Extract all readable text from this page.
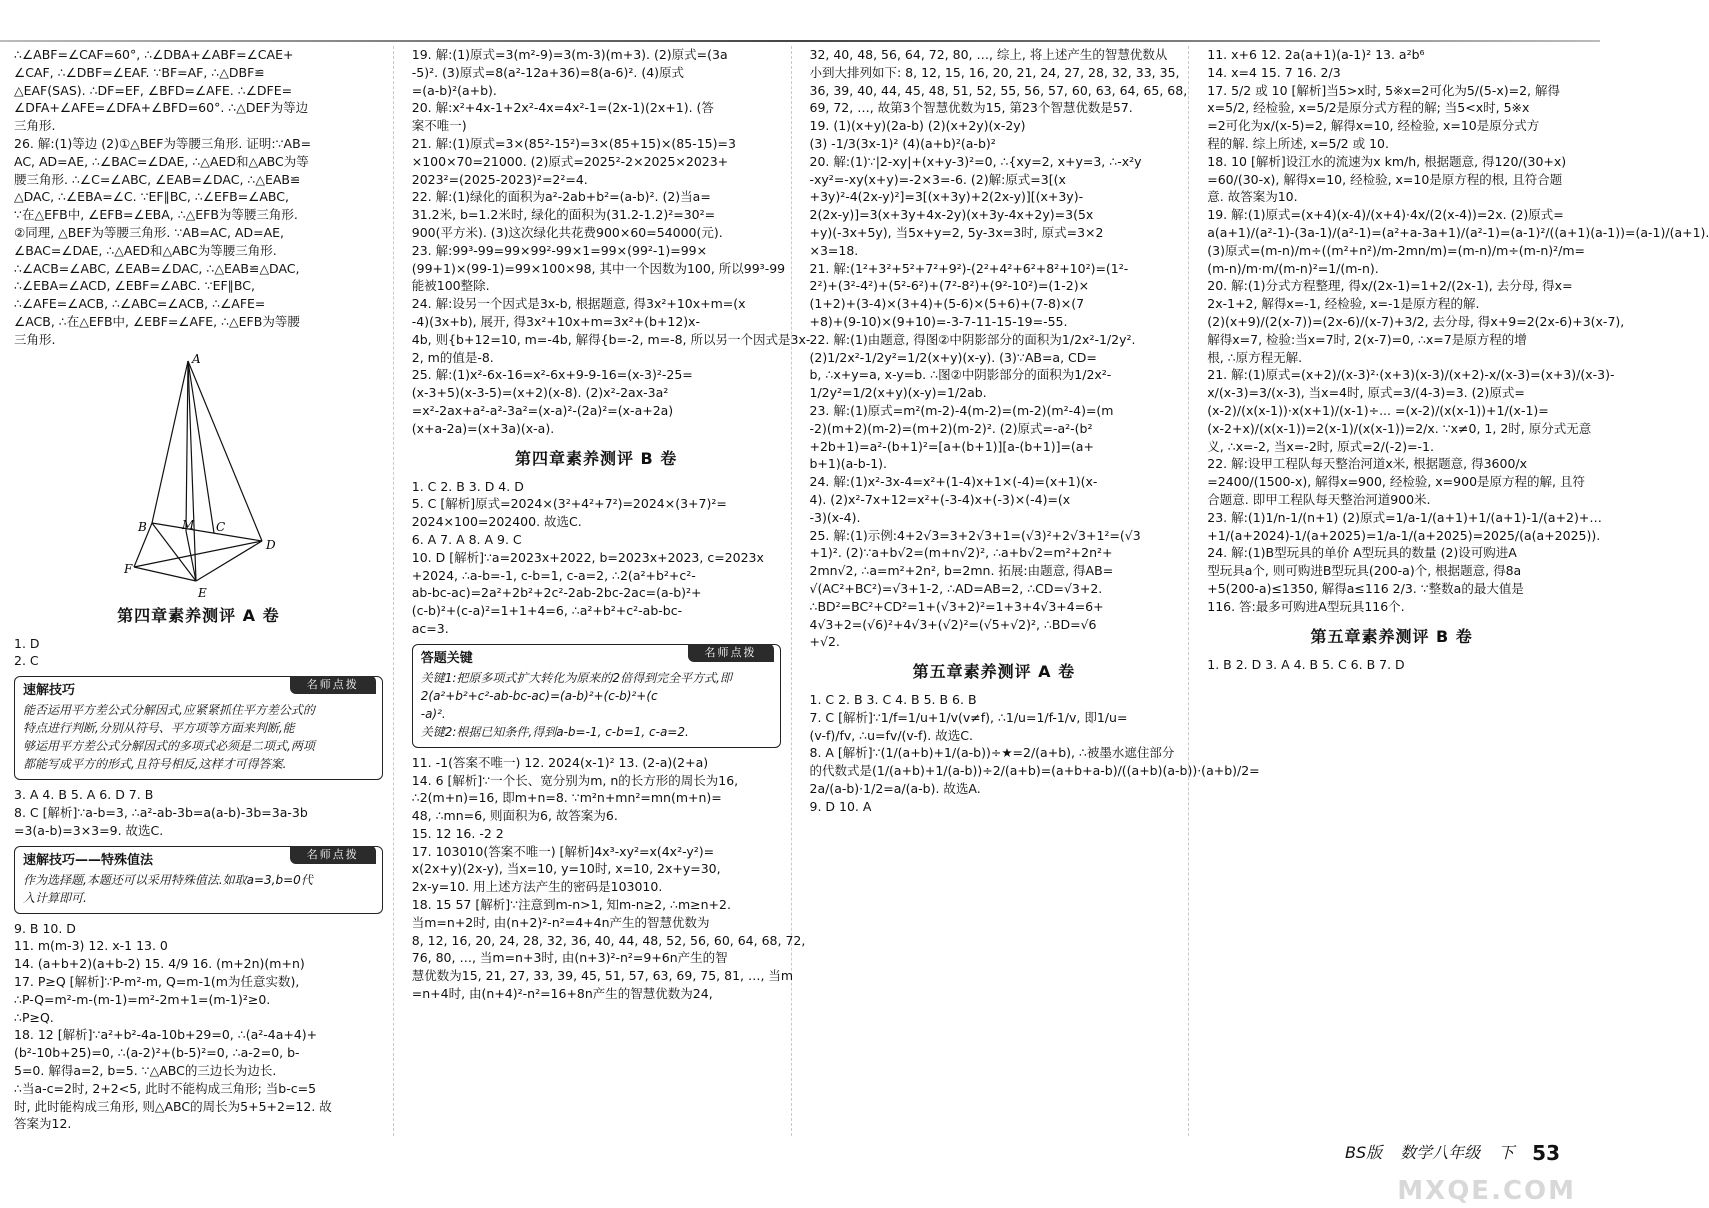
∴∠ABF=∠CAF=60°, ∴∠DBA+∠ABF=∠CAE+
∠CAF, ∴∠DBF=∠EAF. ∵BF=AF, ∴△DBF≌
△EAF(SAS). ∴DF=EF, ∠BFD=∠AFE. ∴∠DFE=
∠DFA+∠AFE=∠DFA+∠BFD=60°. ∴△DEF为等边
三角形.
26. 解:(1)等边 (2)①△BEF为等腰三角形. 证明:∵AB=
AC, AD=AE, ∴∠BAC=∠DAE, ∴△AED和△ABC为等
腰三角形. ∴∠C=∠ABC, ∠EAB=∠DAC, ∴△EAB≌
△DAC, ∴∠EBA=∠C. ∵EF∥BC, ∴∠EFB=∠ABC,
∵在△EFB中, ∠EFB=∠EBA, ∴△EFB为等腰三角形.
②同理, △BEF为等腰三角形. ∵AB=AC, AD=AE,
∠BAC=∠DAE, ∴△AED和△ABC为等腰三角形.
∴∠ACB=∠ABC, ∠EAB=∠DAC, ∴△EAB≌△DAC,
∴∠EBA=∠ACD, ∠EBF=∠ABC. ∵EF∥BC,
∴∠AFE=∠ACB, ∴∠ABC=∠ACB, ∴∠AFE=
∠ACB, ∴在△EFB中, ∠EBF=∠AFE, ∴△EFB为等腰
三角形.
A
B	M C
D
F
E
第四章素养测评 A 卷
1. D
2. C
名师点拨
速解技巧
能否运用平方差公式分解因式,应紧紧抓住平方差公式的
特点进行判断,分别从符号、平方项等方面来判断,能
够运用平方差公式分解因式的多项式必须是二项式,两项
都能写成平方的形式,且符号相反,这样才可得答案.
3. A 4. B 5. A 6. D 7. B
8. C [解析]∵a-b=3, ∴a²-ab-3b=a(a-b)-3b=3a-3b
=3(a-b)=3×3=9. 故选C.
名师点拨
速解技巧——特殊值法
作为选择题,本题还可以采用特殊值法.如取a=3,b=0代
入计算即可.
9. B 10. D
11. m(m-3) 12. x-1 13. 0
14. (a+b+2)(a+b-2) 15. 4/9 16. (m+2n)(m+n)
17. P≥Q [解析]∵P-m²-m, Q=m-1(m为任意实数),
∴P-Q=m²-m-(m-1)=m²-2m+1=(m-1)²≥0.
∴P≥Q.
18. 12 [解析]∵a²+b²-4a-10b+29=0, ∴(a²-4a+4)+
(b²-10b+25)=0, ∴(a-2)²+(b-5)²=0, ∴a-2=0, b-
5=0. 解得a=2, b=5. ∵△ABC的三边长为边长.
∴当a-c=2时, 2+2<5, 此时不能构成三角形; 当b-c=5
时, 此时能构成三角形, 则△ABC的周长为5+5+2=12. 故
答案为12.
19. 解:(1)原式=3(m²-9)=3(m-3)(m+3). (2)原式=(3a
-5)². (3)原式=8(a²-12a+36)=8(a-6)². (4)原式
=(a-b)²(a+b).
20. 解:x²+4x-1+2x²-4x=4x²-1=(2x-1)(2x+1). (答
案不唯一)
21. 解:(1)原式=3×(85²-15²)=3×(85+15)×(85-15)=3
×100×70=21000. (2)原式=2025²-2×2025×2023+
2023²=(2025-2023)²=2²=4.
22. 解:(1)绿化的面积为a²-2ab+b²=(a-b)². (2)当a=
31.2米, b=1.2米时, 绿化的面积为(31.2-1.2)²=30²=
900(平方米). (3)这次绿化共花费900×60=54000(元).
23. 解:99³-99=99×99²-99×1=99×(99²-1)=99×
(99+1)×(99-1)=99×100×98, 其中一个因数为100, 所以99³-99
能被100整除.
24. 解:设另一个因式是3x-b, 根据题意, 得3x²+10x+m=(x
-4)(3x+b), 展开, 得3x²+10x+m=3x²+(b+12)x-
4b, 则{b+12=10, m=-4b, 解得{b=-2, m=-8, 所以另一个因式是3x-
2, m的值是-8.
25. 解:(1)x²-6x-16=x²-6x+9-9-16=(x-3)²-25=
(x-3+5)(x-3-5)=(x+2)(x-8). (2)x²-2ax-3a²
=x²-2ax+a²-a²-3a²=(x-a)²-(2a)²=(x-a+2a)
(x+a-2a)=(x+3a)(x-a).
第四章素养测评 B 卷
1. C 2. B 3. D 4. D
5. C [解析]原式=2024×(3²+4²+7²)=2024×(3+7)²=
2024×100=202400. 故选C.
6. A 7. A 8. A 9. C
10. D [解析]∵a=2023x+2022, b=2023x+2023, c=2023x
+2024, ∴a-b=-1, c-b=1, c-a=2, ∴2(a²+b²+c²-
ab-bc-ac)=2a²+2b²+2c²-2ab-2bc-2ac=(a-b)²+
(c-b)²+(c-a)²=1+1+4=6, ∴a²+b²+c²-ab-bc-
ac=3.
名师点拨
答题关键
关键1:把原多项式扩大转化为原来的2倍得到完全平方式,即
2(a²+b²+c²-ab-bc-ac)=(a-b)²+(c-b)²+(c
-a)².
关键2:根据已知条件,得到a-b=-1, c-b=1, c-a=2.
11. -1(答案不唯一) 12. 2024(x-1)² 13. (2-a)(2+a)
14. 6 [解析]∵一个长、宽分别为m, n的长方形的周长为16,
∴2(m+n)=16, 即m+n=8. ∵m²n+mn²=mn(m+n)=
48, ∴mn=6, 则面积为6, 故答案为6.
15. 12 16. -2 2
17. 103010(答案不唯一) [解析]4x³-xy²=x(4x²-y²)=
x(2x+y)(2x-y), 当x=10, y=10时, x=10, 2x+y=30,
2x-y=10. 用上述方法产生的密码是103010.
18. 15 57 [解析]∵注意到m-n>1, 知m-n≥2, ∴m≥n+2.
当m=n+2时, 由(n+2)²-n²=4+4n产生的智慧优数为
8, 12, 16, 20, 24, 28, 32, 36, 40, 44, 48, 52, 56, 60, 64, 68, 72,
76, 80, …, 当m=n+3时, 由(n+3)²-n²=9+6n产生的智
慧优数为15, 21, 27, 33, 39, 45, 51, 57, 63, 69, 75, 81, …, 当m
=n+4时, 由(n+4)²-n²=16+8n产生的智慧优数为24,
32, 40, 48, 56, 64, 72, 80, …, 综上, 将上述产生的智慧优数从
小到大排列如下: 8, 12, 15, 16, 20, 21, 24, 27, 28, 32, 33, 35,
36, 39, 40, 44, 45, 48, 51, 52, 55, 56, 57, 60, 63, 64, 65, 68,
69, 72, …, 故第3个智慧优数为15, 第23个智慧优数是57.
19. (1)(x+y)(2a-b) (2)(x+2y)(x-2y)
(3) -1/3(3x-1)² (4)(a+b)²(a-b)²
20. 解:(1)∵|2-xy|+(x+y-3)²=0, ∴{xy=2, x+y=3, ∴-x²y
-xy²=-xy(x+y)=-2×3=-6. (2)解:原式=3[(x
+3y)²-4(2x-y)²]=3[(x+3y)+2(2x-y)][(x+3y)-
2(2x-y)]=3(x+3y+4x-2y)(x+3y-4x+2y)=3(5x
+y)(-3x+5y), 当5x+y=2, 5y-3x=3时, 原式=3×2
×3=18.
21. 解:(1²+3²+5²+7²+9²)-(2²+4²+6²+8²+10²)=(1²-
2²)+(3²-4²)+(5²-6²)+(7²-8²)+(9²-10²)=(1-2)×
(1+2)+(3-4)×(3+4)+(5-6)×(5+6)+(7-8)×(7
+8)+(9-10)×(9+10)=-3-7-11-15-19=-55.
22. 解:(1)由题意, 得图②中阴影部分的面积为1/2x²-1/2y².
(2)1/2x²-1/2y²=1/2(x+y)(x-y). (3)∵AB=a, CD=
b, ∴x+y=a, x-y=b. ∴图②中阴影部分的面积为1/2x²-
1/2y²=1/2(x+y)(x-y)=1/2ab.
23. 解:(1)原式=m²(m-2)-4(m-2)=(m-2)(m²-4)=(m
-2)(m+2)(m-2)=(m+2)(m-2)². (2)原式=-a²-(b²
+2b+1)=a²-(b+1)²=[a+(b+1)][a-(b+1)]=(a+
b+1)(a-b-1).
24. 解:(1)x²-3x-4=x²+(1-4)x+1×(-4)=(x+1)(x-
4). (2)x²-7x+12=x²+(-3-4)x+(-3)×(-4)=(x
-3)(x-4).
25. 解:(1)示例:4+2√3=3+2√3+1=(√3)²+2√3+1²=(√3
+1)². (2)∵a+b√2=(m+n√2)², ∴a+b√2=m²+2n²+
2mn√2, ∴a=m²+2n², b=2mn. 拓展:由题意, 得AB=
√(AC²+BC²)=√3+1-2, ∴AD=AB=2, ∴CD=√3+2.
∴BD²=BC²+CD²=1+(√3+2)²=1+3+4√3+4=6+
4√3+2=(√6)²+4√3+(√2)²=(√5+√2)², ∴BD=√6
+√2.
第五章素养测评 A 卷
1. C 2. B 3. C 4. B 5. B 6. B
7. C [解析]∵1/f=1/u+1/v(v≠f), ∴1/u=1/f-1/v, 即1/u=
(v-f)/fv, ∴u=fv/(v-f). 故选C.
8. A [解析]∵(1/(a+b)+1/(a-b))÷★=2/(a+b), ∴被墨水遮住部分
的代数式是(1/(a+b)+1/(a-b))÷2/(a+b)=(a+b+a-b)/((a+b)(a-b))·(a+b)/2=
2a/(a-b)·1/2=a/(a-b). 故选A.
9. D 10. A
11. x+6 12. 2a(a+1)(a-1)² 13. a²b⁶
14. x=4 15. 7 16. 2/3
17. 5/2 或 10 [解析]当5>x时, 5※x=2可化为5/(5-x)=2, 解得
x=5/2, 经检验, x=5/2是原分式方程的解; 当5<x时, 5※x
=2可化为x/(x-5)=2, 解得x=10, 经检验, x=10是原分式方
程的解. 综上所述, x=5/2 或 10.
18. 10 [解析]设江水的流速为x km/h, 根据题意, 得120/(30+x)
=60/(30-x), 解得x=10, 经检验, x=10是原方程的根, 且符合题
意. 故答案为10.
19. 解:(1)原式=(x+4)(x-4)/(x+4)·4x/(2(x-4))=2x. (2)原式=
a(a+1)/(a²-1)-(3a-1)/(a²-1)=(a²+a-3a+1)/(a²-1)=(a-1)²/((a+1)(a-1))=(a-1)/(a+1).
(3)原式=(m-n)/m÷((m²+n²)/m-2mn/m)=(m-n)/m÷(m-n)²/m=
(m-n)/m·m/(m-n)²=1/(m-n).
20. 解:(1)分式方程整理, 得x/(2x-1)=1+2/(2x-1), 去分母, 得x=
2x-1+2, 解得x=-1, 经检验, x=-1是原方程的解.
(2)(x+9)/(2(x-7))=(2x-6)/(x-7)+3/2, 去分母, 得x+9=2(2x-6)+3(x-7),
解得x=7, 检验:当x=7时, 2(x-7)=0, ∴x=7是原方程的增
根, ∴原方程无解.
21. 解:(1)原式=(x+2)/(x-3)²·(x+3)(x-3)/(x+2)-x/(x-3)=(x+3)/(x-3)-
x/(x-3)=3/(x-3), 当x=4时, 原式=3/(4-3)=3. (2)原式=
(x-2)/(x(x-1))·x(x+1)/(x-1)÷... =(x-2)/(x(x-1))+1/(x-1)=
(x-2+x)/(x(x-1))=2(x-1)/(x(x-1))=2/x. ∵x≠0, 1, 2时, 原分式无意
义, ∴x=-2, 当x=-2时, 原式=2/(-2)=-1.
22. 解:设甲工程队每天整治河道x米, 根据题意, 得3600/x
=2400/(1500-x), 解得x=900, 经检验, x=900是原方程的解, 且符
合题意. 即甲工程队每天整治河道900米.
23. 解:(1)1/n-1/(n+1) (2)原式=1/a-1/(a+1)+1/(a+1)-1/(a+2)+…
+1/(a+2024)-1/(a+2025)=1/a-1/(a+2025)=2025/(a(a+2025)).
24. 解:(1)B型玩具的单价 A型玩具的数量 (2)设可购进A
型玩具a个, 则可购进B型玩具(200-a)个, 根据题意, 得8a
+5(200-a)≤1350, 解得a≤116 2/3. ∵整数a的最大值是
116. 答:最多可购进A型玩具116个.
第五章素养测评 B 卷
1. B 2. D 3. A 4. B 5. C 6. B 7. D
BS版 数学八年级 下 53
MXQE.COM
